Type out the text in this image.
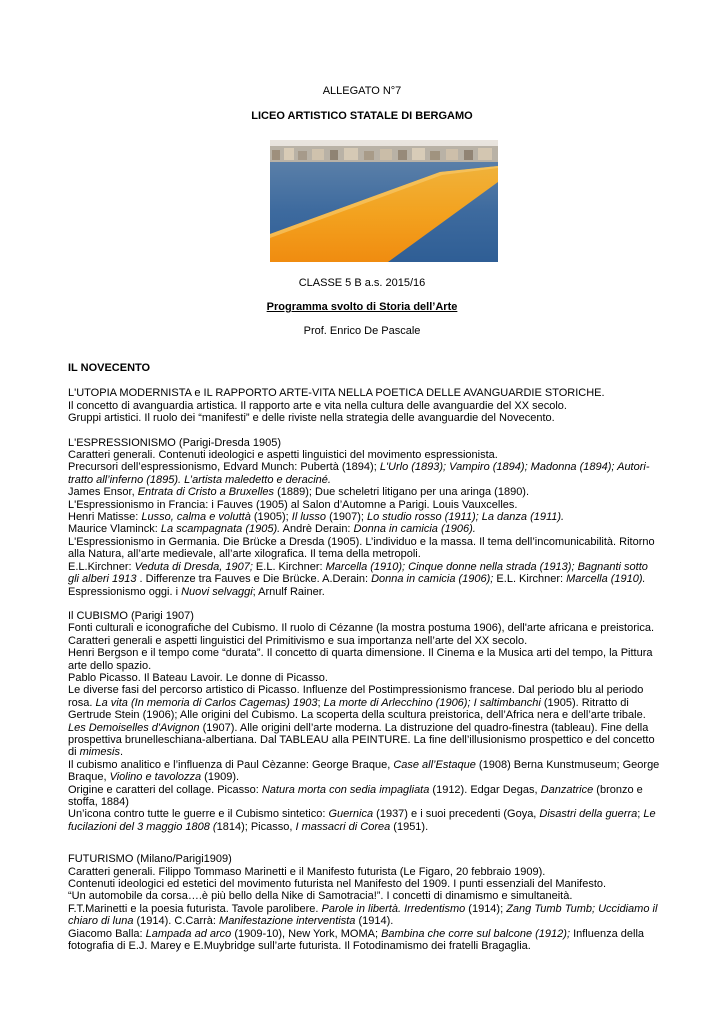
ALLEGATO N°7
LICEO ARTISTICO STATALE DI BERGAMO
CLASSE 5 B a.s. 2015/16
Programma svolto di Storia dell’Arte
Prof. Enrico De Pascale
IL NOVECENTO
L'UTOPIA MODERNISTA e IL RAPPORTO ARTE-VITA NELLA POETICA DELLE AVANGUARDIE STORICHE.
Il concetto di avanguardia artistica. Il rapporto arte e vita nella cultura delle avanguardie del XX secolo.
Gruppi artistici. Il ruolo dei “manifesti” e delle riviste nella strategia delle avanguardie del Novecento.
L'ESPRESSIONISMO (Parigi-Dresda 1905)
Caratteri generali. Contenuti ideologici e aspetti linguistici del movimento espressionista.
Precursori dell’espressionismo, Edvard Munch: Pubertà (1894); L'Urlo (1893); Vampiro (1894); Madonna (1894); Autori-
tratto all’inferno (1895). L’artista maledetto e deraciné.
James Ensor, Entrata di Cristo a Bruxelles (1889); Due scheletri litigano per una aringa (1890).
L'Espressionismo in Francia: i Fauves (1905) al Salon d’Automne a Parigi. Louis Vauxcelles.
Henri Matisse: Lusso, calma e voluttà (1905); Il lusso (1907); Lo studio rosso (1911); La danza (1911).
Maurice Vlaminck: La scampagnata (1905). Andrè Derain: Donna in camicia (1906).
L'Espressionismo in Germania. Die Brücke a Dresda (1905). L’individuo e la massa. Il tema dell’incomunicabilità. Ritorno alla Natura, all’arte medievale, all’arte xilografica. Il tema della metropoli.
E.L.Kirchner: Veduta di Dresda, 1907; E.L. Kirchner: Marcella (1910); Cinque donne nella strada (1913); Bagnanti sotto
gli alberi 1913 . Differenze tra Fauves e Die Brücke. A.Derain: Donna in camicia (1906); E.L. Kirchner: Marcella (1910).
Espressionismo oggi. i Nuovi selvaggi; Arnulf Rainer.
Il CUBISMO (Parigi 1907)
Fonti culturali e iconografiche del Cubismo. Il ruolo di Cézanne (la mostra postuma 1906), dell'arte africana e preistorica.
Caratteri generali e aspetti linguistici del Primitivismo e sua importanza nell’arte del XX secolo.
Henri Bergson e il tempo come “durata”. Il concetto di quarta dimensione. Il Cinema e la Musica arti del tempo, la Pittura arte dello spazio.
Pablo Picasso. Il Bateau Lavoir. Le donne di Picasso.
Le diverse fasi del percorso artistico di Picasso. Influenze del Postimpressionismo francese. Dal periodo blu al periodo rosa. La vita (In memoria di Carlos Cagemas) 1903; La morte di Arlecchino (1906); I saltimbanchi (1905). Ritratto di Gertrude Stein (1906); Alle origini del Cubismo. La scoperta della scultura preistorica, dell’Africa nera e dell’arte tribale.
Les Demoiselles d'Avignon (1907). Alle origini dell’arte moderna. La distruzione del quadro-finestra (tableau). Fine della prospettiva brunelleschiana-albertiana. Dal TABLEAU alla PEINTURE. La fine dell’illusionismo prospettico e del concetto di mimesis.
Il cubismo analitico e l’influenza di Paul Cèzanne: George Braque, Case all’Estaque (1908) Berna Kunstmuseum; George Braque, Violino e tavolozza (1909).
Origine e caratteri del collage. Picasso: Natura morta con sedia impagliata (1912). Edgar Degas, Danzatrice (bronzo e stoffa, 1884)
Un’icona contro tutte le guerre e il Cubismo sintetico: Guernica (1937) e i suoi precedenti (Goya, Disastri della guerra; Le fucilazioni del 3 maggio 1808 (1814); Picasso, I massacri di Corea (1951).
FUTURISMO (Milano/Parigi1909)
Caratteri generali. Filippo Tommaso Marinetti e il Manifesto futurista (Le Figaro, 20 febbraio 1909).
Contenuti ideologici ed estetici del movimento futurista nel Manifesto del 1909. I punti essenziali del Manifesto.
“Un automobile da corsa….è più bello della Nike di Samotracia!”. I concetti di dinamismo e simultaneità.
F.T.Marinetti e la poesia futurista. Tavole parolibere. Parole in libertà. Irredentismo (1914); Zang Tumb Tumb; Uccidiamo il chiaro di luna (1914). C.Carrà: Manifestazione interventista (1914).
Giacomo Balla: Lampada ad arco (1909-10), New York, MOMA; Bambina che corre sul balcone (1912); Influenza della fotografia di E.J. Marey e E.Muybridge sull’arte futurista. Il Fotodinamismo dei fratelli Bragaglia.
